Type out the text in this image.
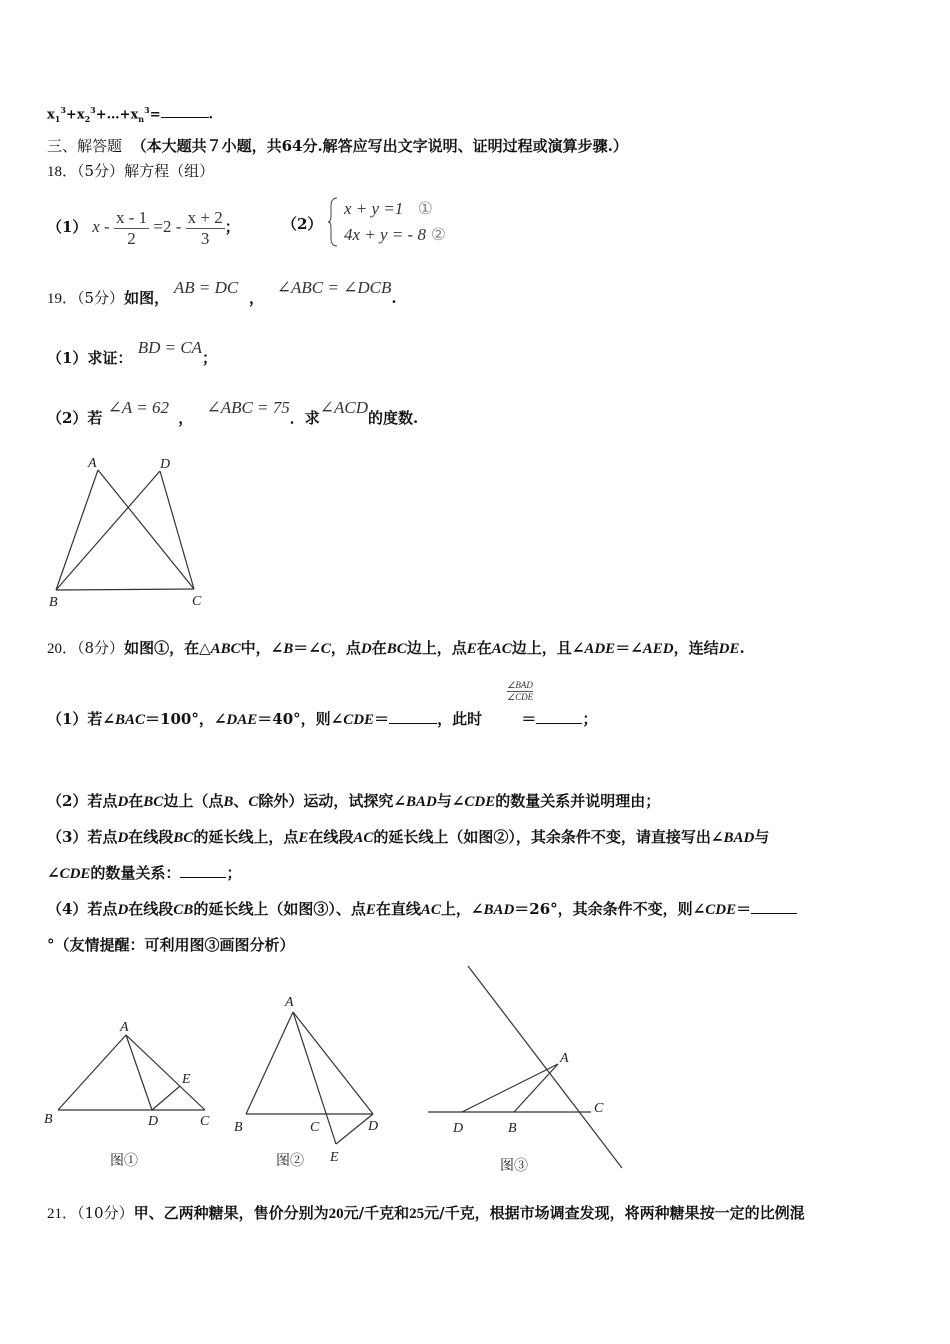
$x_1^3+x_2^3+\dots+x_n^3=$	.
三、解答题 （本大题共７小题，共64分.解答应写出文字说明、证明过程或演算步骤.）
18．（5分）解方程（组）
（1） $x - \frac{x - 1}{2} =2 - \frac{x + 2}{3}$ ；	（2）
x + y =1 ①
4x + y = - 8 ②
19．（5分）如图， AB = DC ， ∠ABC = ∠DCB.
（1）求证： BD = CA；
（2）若 ∠A = 62 ， ∠ABC = 75．求∠ACD的度数.
A	D
B	C
20．（8分）如图①，在△ABC中，∠B＝∠C，点D在BC边上，点E在AC边上，且∠ADE＝∠AED，连结DE.
（1）若∠BAC＝100°，∠DAE＝40°，则∠CDE＝	，此时	＝	；
∠BAD
∠CDE
（2）若点D在BC边上（点B、C除外）运动，试探究∠BAD与∠CDE的数量关系并说明理由；
（3）若点D在线段BC的延长线上，点E在线段AC的延长线上（如图②），其余条件不变，请直接写出∠BAD与
∠CDE的数量关系：	；
（4）若点D在线段CB的延长线上（如图③）、点E在直线AC上，∠BAD＝26°，其余条件不变，则∠CDE＝
°（友情提醒：可利用图③画图分析）
A
B	D	C
E
图①
A
B	C	D
E
图②
A
D	B
C
图③
21．（10分）甲、乙两种糖果，售价分别为20元/千克和25元/千克，根据市场调查发现，将两种糖果按一定的比例混
